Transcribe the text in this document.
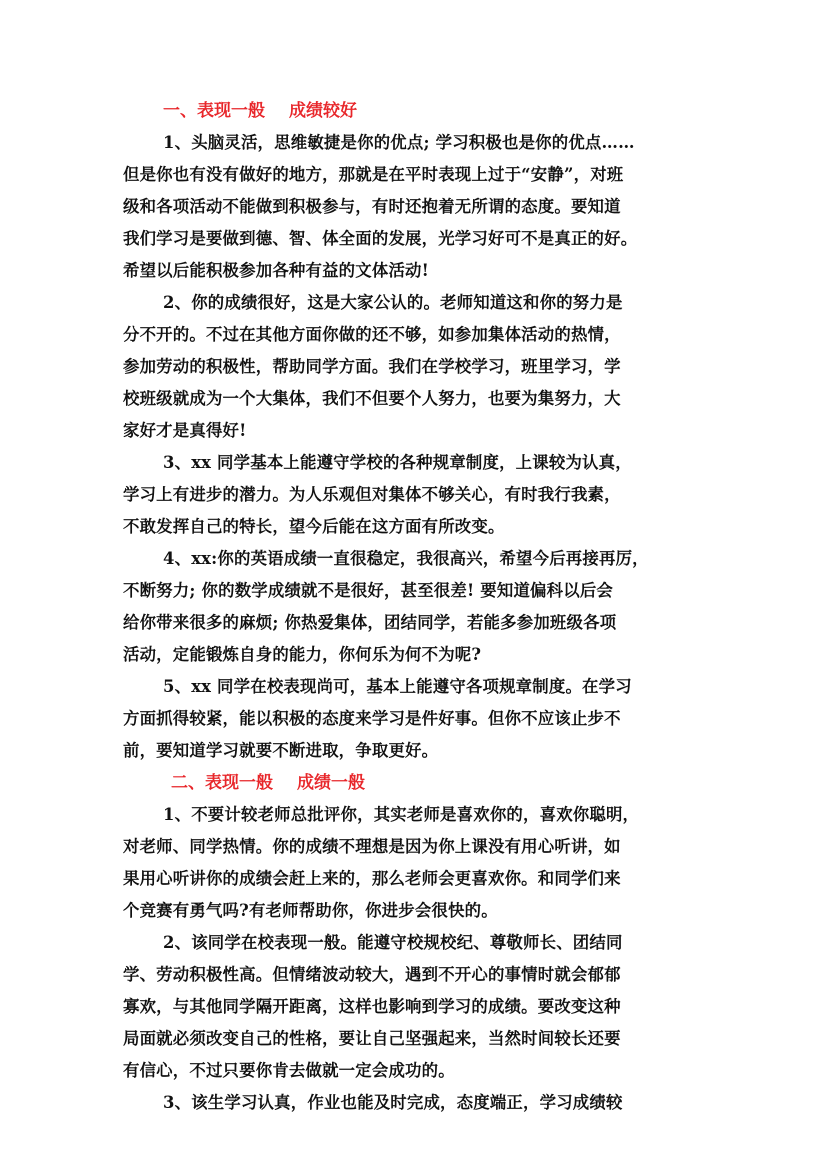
一、表现一般 成绩较好
1、头脑灵活，思维敏捷是你的优点; 学习积极也是你的优点……
但是你也有没有做好的地方，那就是在平时表现上过于“安静”，对班
级和各项活动不能做到积极参与，有时还抱着无所谓的态度。要知道
我们学习是要做到德、智、体全面的发展，光学习好可不是真正的好。
希望以后能积极参加各种有益的文体活动!
2、你的成绩很好，这是大家公认的。老师知道这和你的努力是
分不开的。不过在其他方面你做的还不够，如参加集体活动的热情，
参加劳动的积极性，帮助同学方面。我们在学校学习，班里学习，学
校班级就成为一个大集体，我们不但要个人努力，也要为集努力，大
家好才是真得好!
3、xx 同学基本上能遵守学校的各种规章制度，上课较为认真，
学习上有进步的潜力。为人乐观但对集体不够关心，有时我行我素，
不敢发挥自己的特长，望今后能在这方面有所改变。
4、xx:你的英语成绩一直很稳定，我很高兴，希望今后再接再厉，
不断努力; 你的数学成绩就不是很好，甚至很差! 要知道偏科以后会
给你带来很多的麻烦; 你热爱集体，团结同学，若能多参加班级各项
活动，定能锻炼自身的能力，你何乐为何不为呢?
5、xx 同学在校表现尚可，基本上能遵守各项规章制度。在学习
方面抓得较紧，能以积极的态度来学习是件好事。但你不应该止步不
前，要知道学习就要不断进取，争取更好。
二、表现一般 成绩一般
1、不要计较老师总批评你，其实老师是喜欢你的，喜欢你聪明，
对老师、同学热情。你的成绩不理想是因为你上课没有用心听讲，如
果用心听讲你的成绩会赶上来的，那么老师会更喜欢你。和同学们来
个竞赛有勇气吗?有老师帮助你，你进步会很快的。
2、该同学在校表现一般。能遵守校规校纪、尊敬师长、团结同
学、劳动积极性高。但情绪波动较大，遇到不开心的事情时就会郁郁
寡欢，与其他同学隔开距离，这样也影响到学习的成绩。要改变这种
局面就必须改变自己的性格，要让自己坚强起来，当然时间较长还要
有信心，不过只要你肯去做就一定会成功的。
3、该生学习认真，作业也能及时完成，态度端正，学习成绩较
